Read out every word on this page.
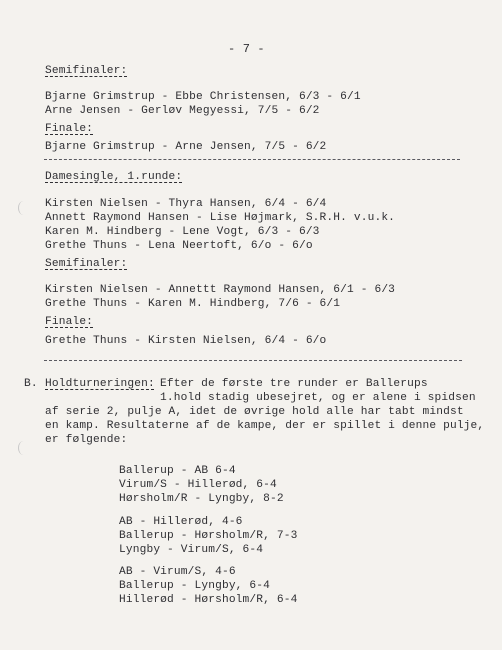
- 7 -
Semifinaler:
Bjarne Grimstrup - Ebbe Christensen, 6/3 - 6/1
Arne Jensen - Gerløv Megyessi, 7/5 - 6/2
Finale:
Bjarne Grimstrup - Arne Jensen, 7/5 - 6/2
Damesingle, 1.runde:
Kirsten Nielsen - Thyra Hansen, 6/4 - 6/4
Annett Raymond Hansen - Lise Højmark, S.R.H. v.u.k.
Karen M. Hindberg - Lene Vogt, 6/3 - 6/3
Grethe Thuns - Lena Neertoft, 6/o - 6/o
Semifinaler:
Kirsten Nielsen - Annettt Raymond Hansen, 6/1 - 6/3
Grethe Thuns - Karen M. Hindberg, 7/6 - 6/1
Finale:
Grethe Thuns - Kirsten Nielsen, 6/4 - 6/o
B. Holdturneringen: Efter de første tre runder er Ballerups
1.hold stadig ubesejret, og er alene i spidsen
af serie 2, pulje A, idet de øvrige hold alle har tabt mindst
en kamp. Resultaterne af de kampe, der er spillet i denne pulje,
er følgende:
Ballerup - AB 6-4
Virum/S - Hillerød, 6-4
Hørsholm/R - Lyngby, 8-2
AB - Hillerød, 4-6
Ballerup - Hørsholm/R, 7-3
Lyngby - Virum/S, 6-4
AB - Virum/S, 4-6
Ballerup - Lyngby, 6-4
Hillerød - Hørsholm/R, 6-4
